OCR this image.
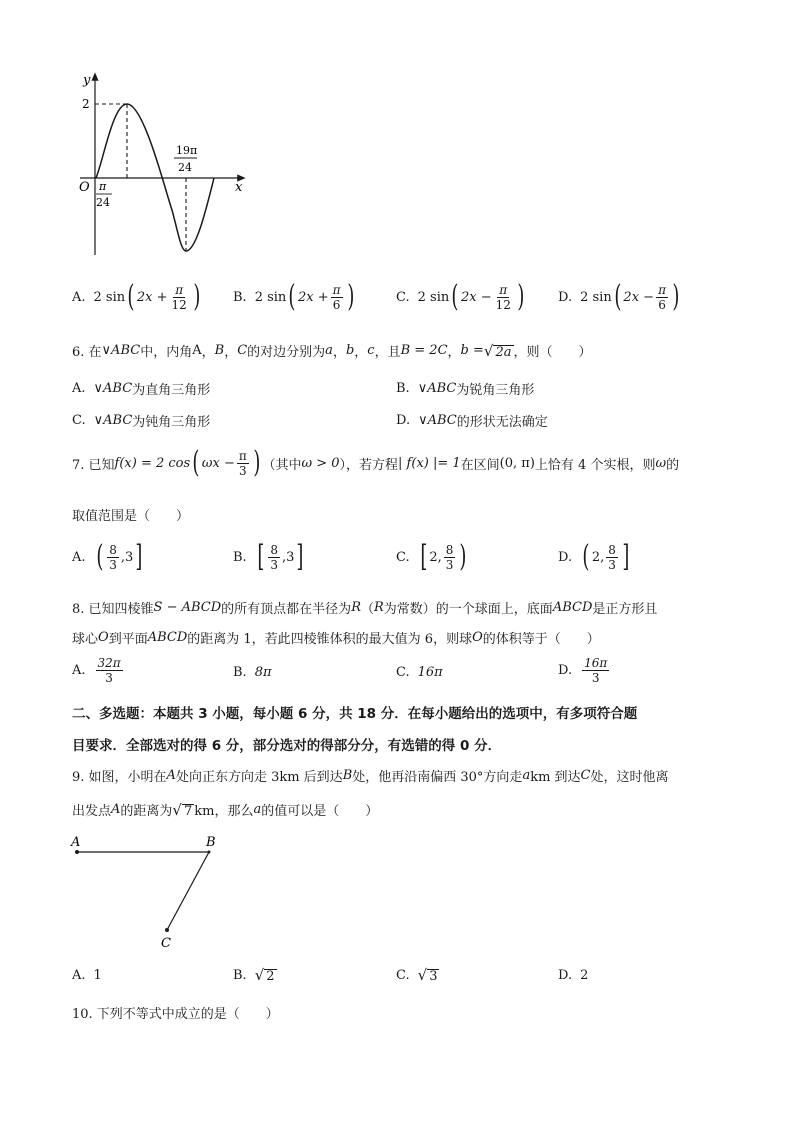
y
x
O
2
π
24
19π
24
A. 2 sin ( $2x + \frac{\pi}{12}$ )	B. 2 sin ( $2x + \frac{\pi}{6}$ )	C. 2 sin ( $2x - \frac{\pi}{12}$ )	D. 2 sin ( $2x - \frac{\pi}{6}$ )
6. 在 ∨ABC 中，内角 A ， B ， C 的对边分别为 a ， b ， c ，且 B = 2C ， b = √ 2a ，则（　　）
A. ∨ABC 为直角三角形	B. ∨ABC 为锐角三角形
C. ∨ABC 为钝角三角形	D. ∨ABC 的形状无法确定
7. 已知 f(x) = 2 cos ( $\omega x - \frac{\pi}{3}$ ) （其中 ω > 0 ），若方程 | f(x) |= 1 在区间 (0, π) 上恰有 4 个实根，则 ω 的
取值范围是（　　）
A. ( $\frac{8}{3} ,3$ ]	B. [ $\frac{8}{3} ,3$ ]	C. [ 2, $\frac{8}{3}$ )	D. ( 2, $\frac{8}{3}$ ]
8. 已知四棱锥 S − ABCD 的所有顶点都在半径为 R （ R 为常数）的一个球面上，底面 ABCD 是正方形且
球心 O 到平面 ABCD 的距离为 1，若此四棱锥体积的最大值为 6，则球 O 的体积等于（　　）
A. $\frac{32\pi}{3}$	B. 8π	C. 16π	D. $\frac{16\pi}{3}$
二、多选题：本题共 3 小题，每小题 6 分，共 18 分．在每小题给出的选项中，有多项符合题
目要求．全部选对的得 6 分，部分选对的得部分分，有选错的得 0 分．
9. 如图，小明在 A 处向正东方向走 3km 后到达 B 处，他再沿南偏西 30°方向走 a km 到达 C 处，这时他离
出发点 A 的距离为 √ 7 km，那么 a 的值可以是（　　）
A	B
C
A. 1	B. √ 2	C. √ 3	D. 2
10. 下列不等式中成立的是（　　）
